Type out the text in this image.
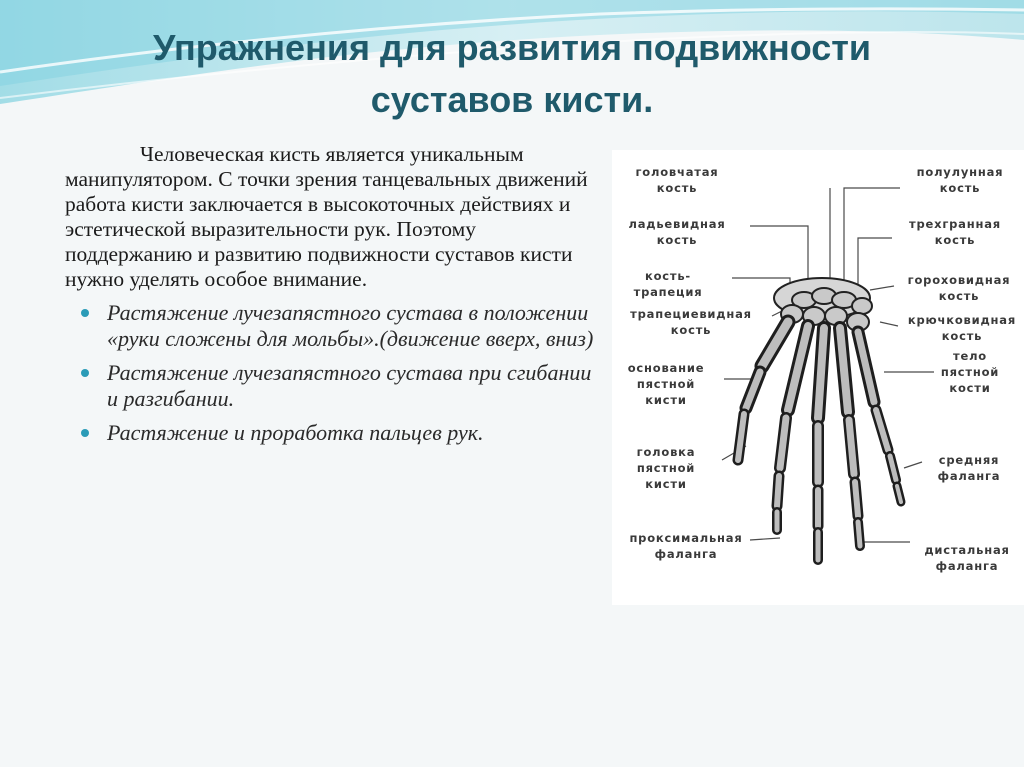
Упражнения для развития подвижности
суставов кисти.

Человеческая кисть является уникальным манипулятором. С точки зрения танцевальных движений работа кисти заключается в высокоточных действиях и эстетической выразительности рук. Поэтому поддержанию и развитию подвижности суставов кисти нужно уделять особое внимание.

Растяжение лучезапястного сустава в положении «руки сложены для мольбы».(движение вверх, вниз)
Растяжение лучезапястного сустава при сгибании и разгибании.
Растяжение и проработка пальцев рук.
головчатая
кость
ладьевидная
кость
кость-
трапеция
трапециевидная
кость
основание
пястной
кисти
головка
пястной
кисти
проксимальная
фаланга
полулунная
кость
трехгранная
кость
гороховидная
кость
крючковидная
кость
тело
пястной
кости
средняя
фаланга
дистальная
фаланга
